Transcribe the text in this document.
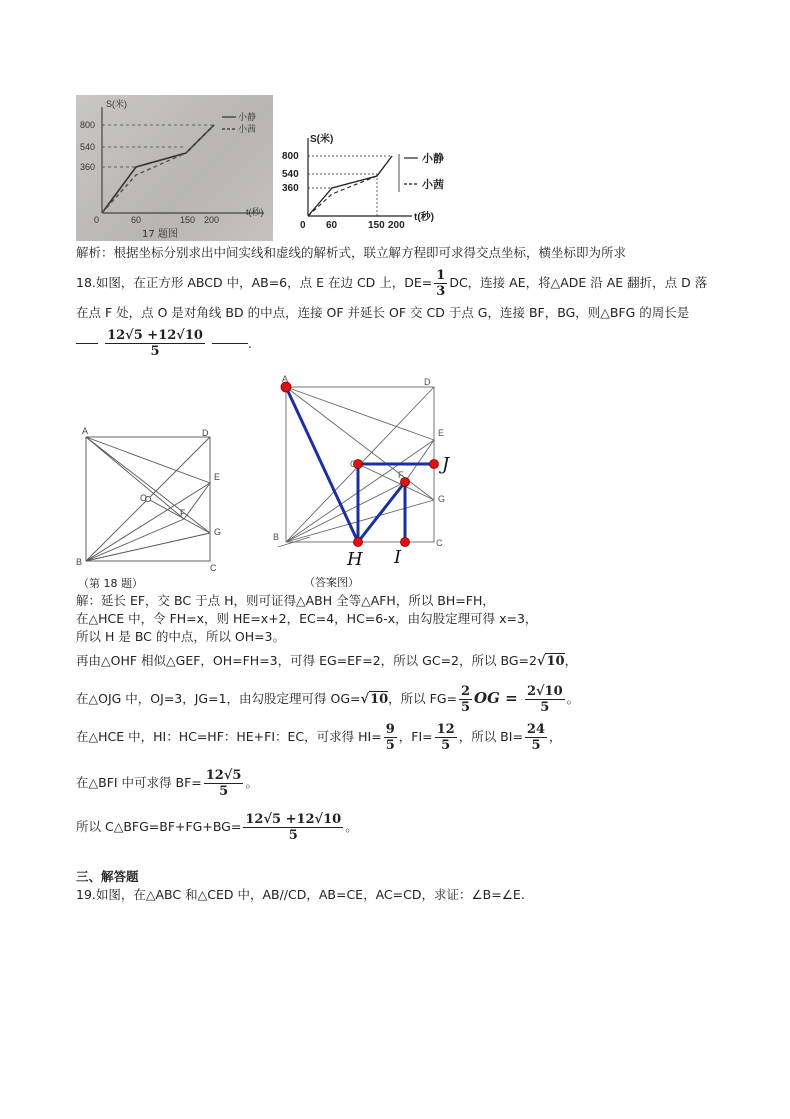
S(米)
800
540
360
0	60	150 200
t(秒)
小静
小茜
17 题图
S(米)
800
540
360
0 60	150 200
t(秒)
小静
小茜
解析：根据坐标分别求出中间实线和虚线的解析式，联立解方程即可求得交点坐标，横坐标即为所求
18.如图，在正方形 ABCD 中，AB=6，点 E 在边 CD 上，$DE= \frac{1}{3}$ DC，连接 AE，将△ADE 沿 AE 翻折，点 D 落
在点 F 处，点 O 是对角线 BD 的中点，连接 OF 并延长 OF 交 CD 于点 G，连接 BF，BG，则△BFG 的周长是

$\frac{12√5 +12√10}{5}$	.
A	D
E
O
F
G
B
C
（第 18 题）
A	D
E
O
F
G
B
C
J
H I
（答案图）
解：延长 EF，交 BC 于点 H，则可证得△ABH 全等△AFH，所以 BH=FH，
在△HCE 中，令 FH=x，则 HE=x+2，EC=4，HC=6-x，由勾股定理可得 x=3，
所以 H 是 BC 的中点，所以 OH=3。
再由△OHF 相似△GEF，OH=FH=3，可得 EG=EF=2，所以 GC=2，所以 BG=2√10，
在△OJG 中，OJ=3，JG=1，由勾股定理可得 OG=√10，所以 $FG= \frac{2}{5}$ OG = $\frac{2√10}{5}$ 。
在△HCE 中，HI：HC=HF：HE+FI：EC，可求得 $HI= \frac{9}{5}$ ，$FI= \frac{12}{5}$ ，所以 $BI= \frac{24}{5}$ ，
在△BFI 中可求得 $BF= \frac{12√5}{5}$ 。
所以 C△BFG=BF+FG+BG= $\frac{12√5 +12√10}{5}$ 。
三、解答题
19.如图，在△ABC 和△CED 中，AB//CD，AB=CE，AC=CD，求证：∠B=∠E.
